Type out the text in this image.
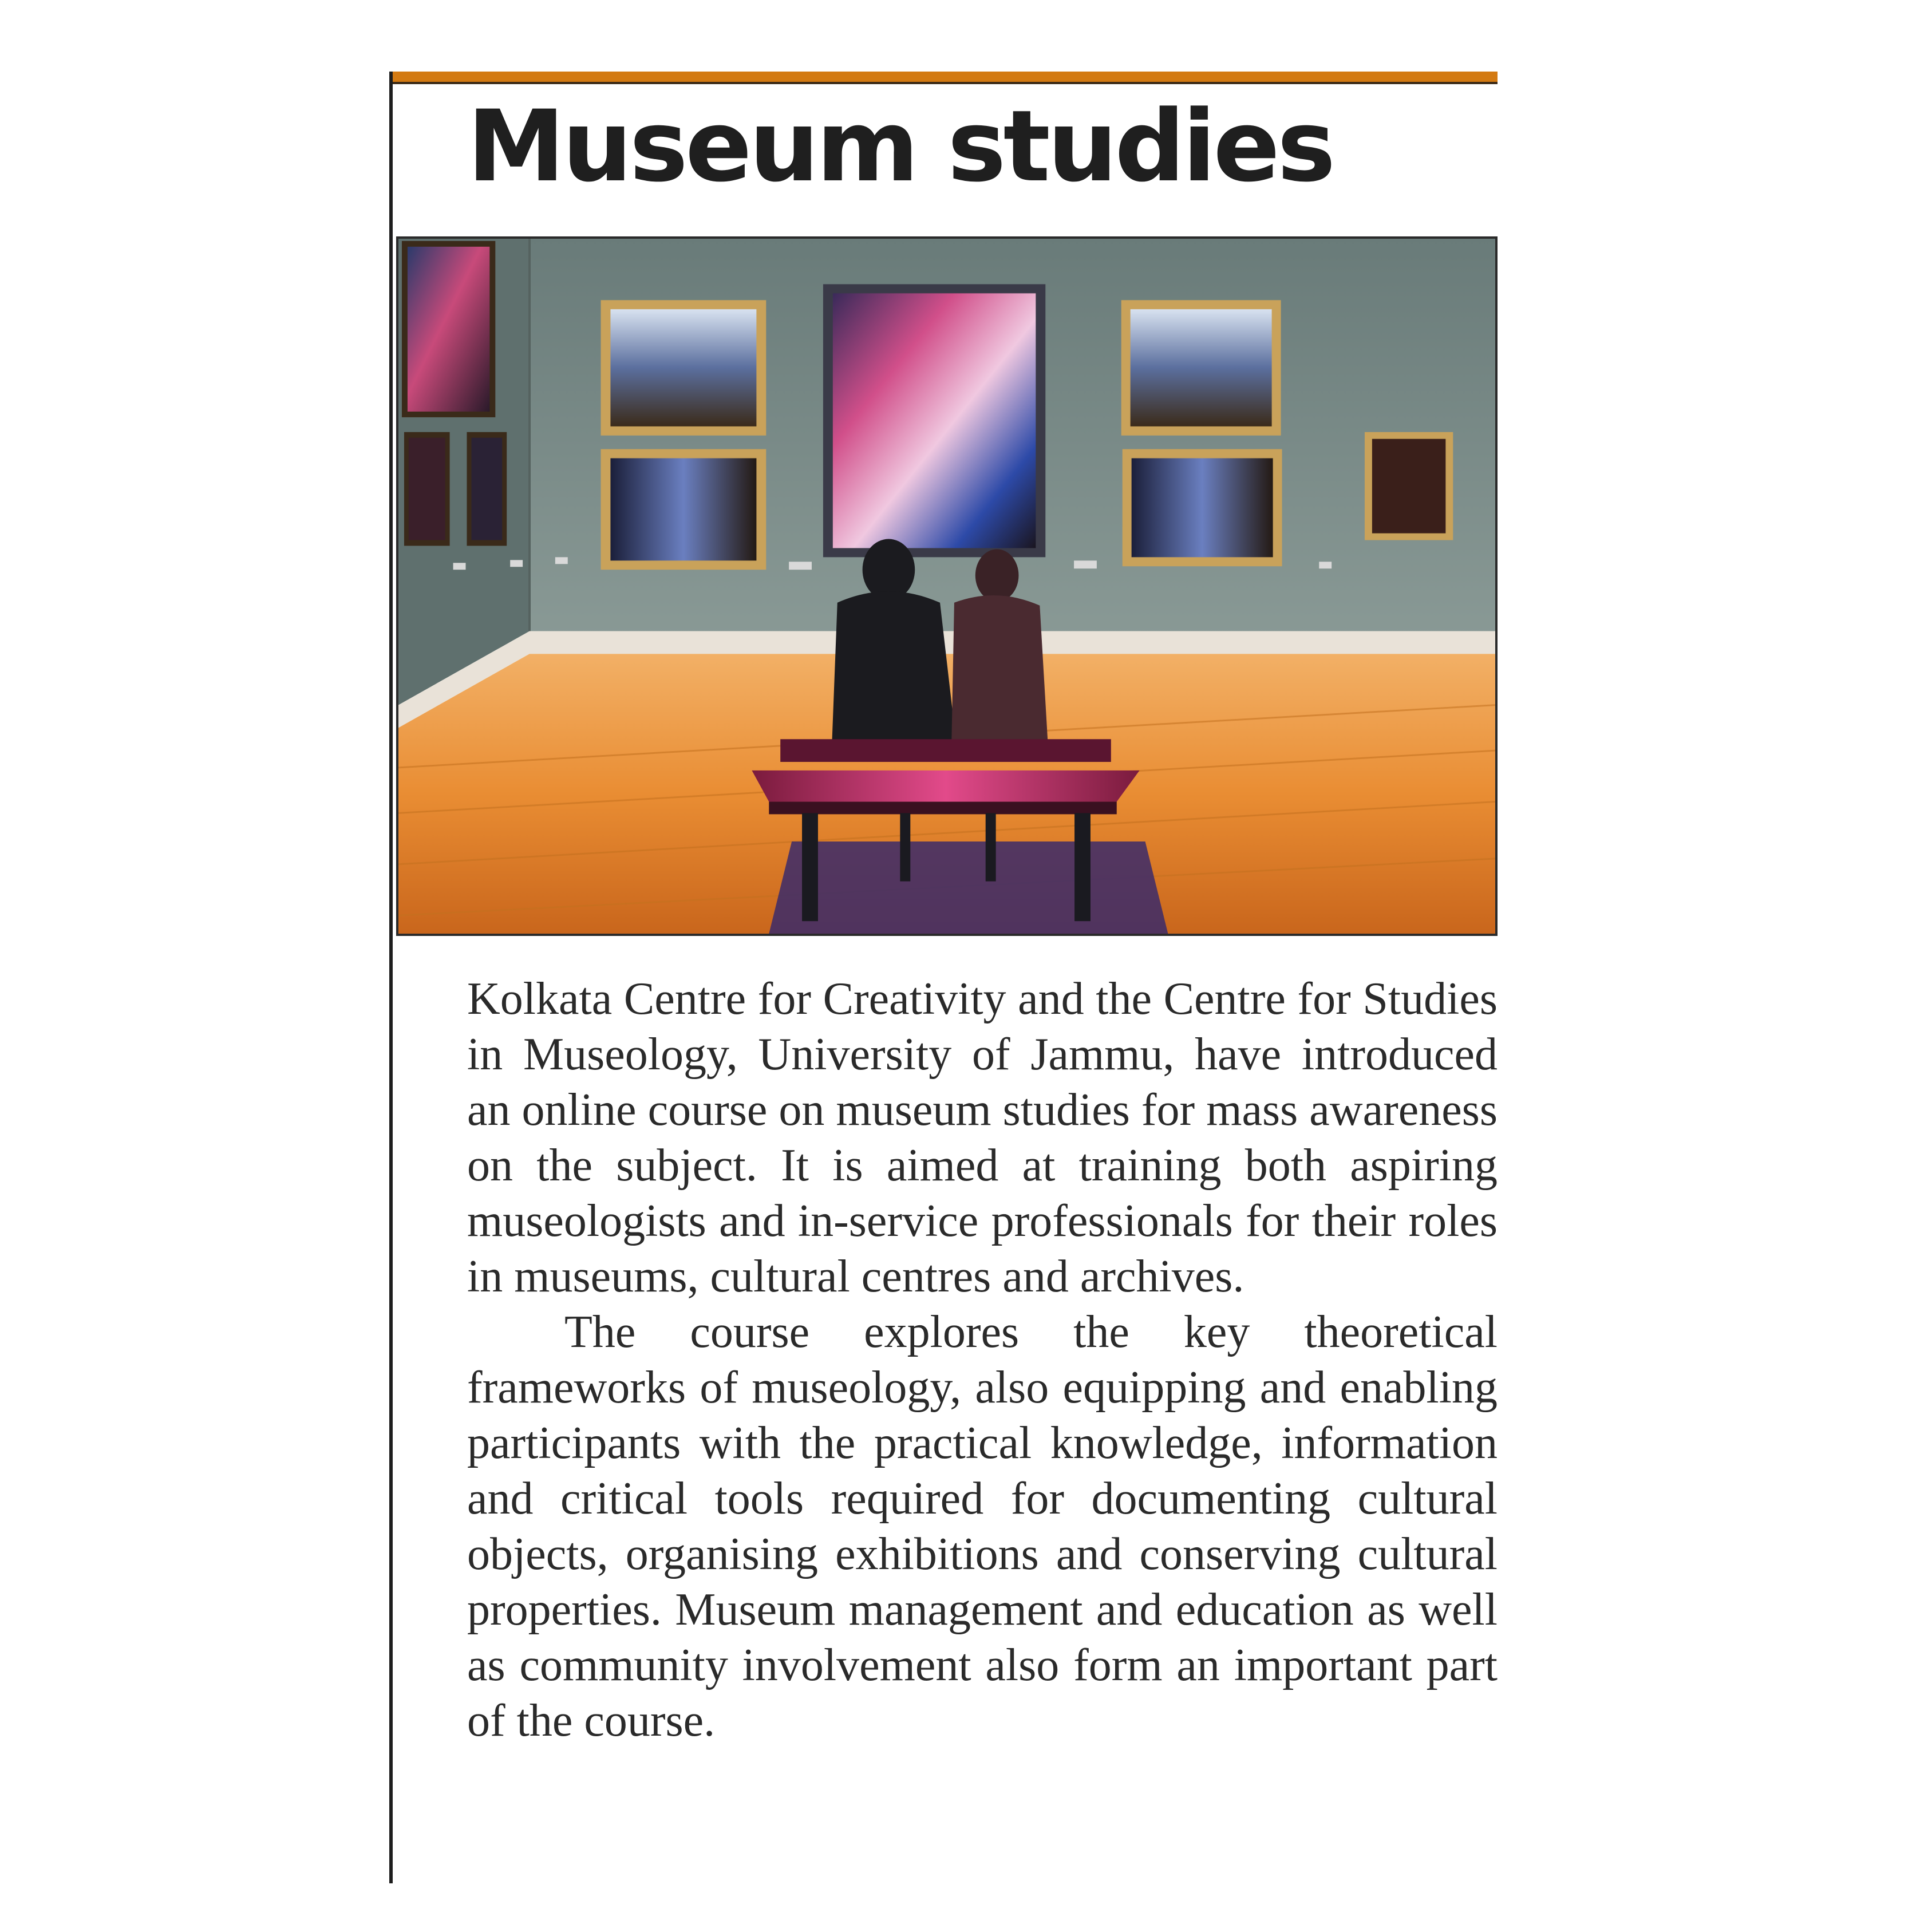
Museum studies

Kolkata Centre for Creativity and the Centre for Studies in Museology, University of Jammu, have introduced an online course on museum studies for mass awareness on the subject. It is aimed at training both aspiring museologists and in-service professionals for their roles in museums, cultural centres and archives.

The course explores the key theoretical frameworks of museology, also equipping and enabling participants with the practical knowledge, information and critical tools required for documenting cultural objects, organising exhibitions and conserving cultural properties. Museum management and education as well as community involvement also form an important part of the course.
